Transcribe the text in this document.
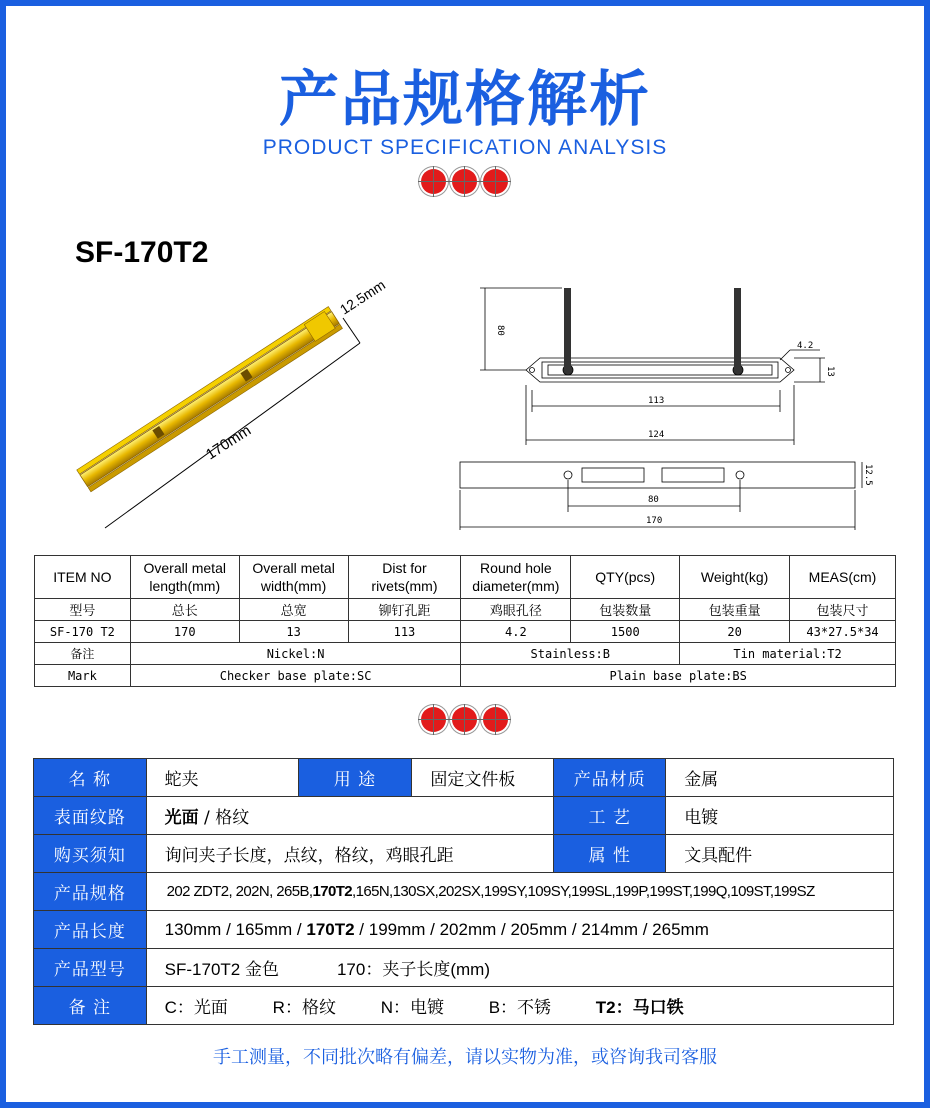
产品规格解析
PRODUCT SPECIFICATION ANALYSIS
SF-170T2
170mm
12.5mm
80
4.2
13
113
124
12.5
80
170
ITEM NO	Overall metal length(mm)	Overall metal width(mm)	Dist for rivets(mm)	Round hole diameter(mm)	QTY(pcs)	Weight(kg)	MEAS(cm)
型号	总长	总宽	铆钉孔距	鸡眼孔径	包装数量	包装重量	包装尺寸
SF-170 T2	170	13	113	4.2	1500	20	43*27.5*34
备注	Nickel:N			Stainless:B		Tin material:T2	
Mark	Checker base plate:SC			Plain base plate:BS			
名 称	蛇夹	用 途	固定文件板	产品材质	金属
表面纹路	光面 / 格纹			工 艺	电镀
购买须知	询问夹子长度，点纹，格纹，鸡眼孔距			属 性	文具配件
产品规格	202 ZDT2, 202N, 265B,170T2,165N,130SX,202SX,199SY,109SY,199SL,199P,199ST,199Q,109ST,199SZ				
产品长度	130mm / 165mm / 170T2 / 199mm / 202mm / 205mm / 214mm / 265mm				
产品型号	SF-170T2 金色 170：夹子长度(mm)				
备 注	C：光面 R：格纹 N：电镀 B：不锈 T2：马口铁				
手工测量，不同批次略有偏差，请以实物为准，或咨询我司客服
